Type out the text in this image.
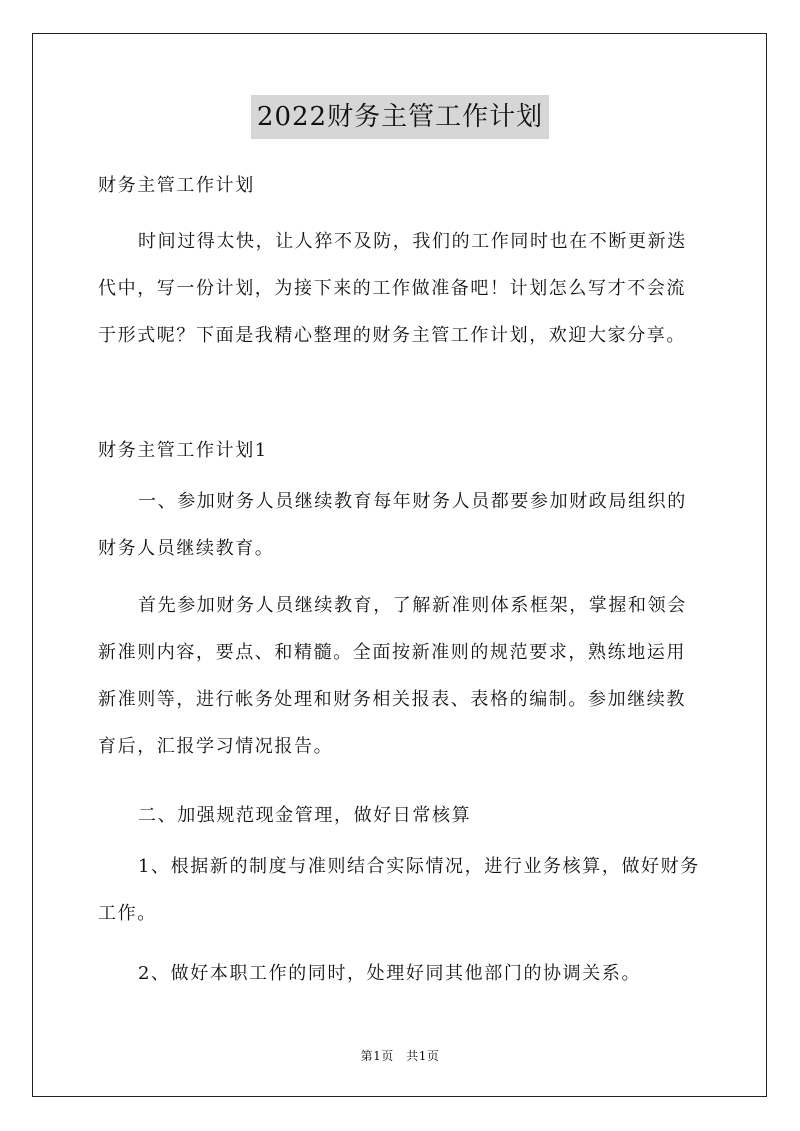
2022财务主管工作计划
财务主管工作计划
时间过得太快，让人猝不及防，我们的工作同时也在不断更新迭
代中，写一份计划，为接下来的工作做准备吧！计划怎么写才不会流
于形式呢？下面是我精心整理的财务主管工作计划，欢迎大家分享。
财务主管工作计划1
一、参加财务人员继续教育每年财务人员都要参加财政局组织的
财务人员继续教育。
首先参加财务人员继续教育，了解新准则体系框架，掌握和领会
新准则内容，要点、和精髓。全面按新准则的规范要求，熟练地运用
新准则等，进行帐务处理和财务相关报表、表格的编制。参加继续教
育后，汇报学习情况报告。
二、加强规范现金管理，做好日常核算
1、根据新的制度与准则结合实际情况，进行业务核算，做好财务
工作。
2、做好本职工作的同时，处理好同其他部门的协调关系。
第1页　共1页
